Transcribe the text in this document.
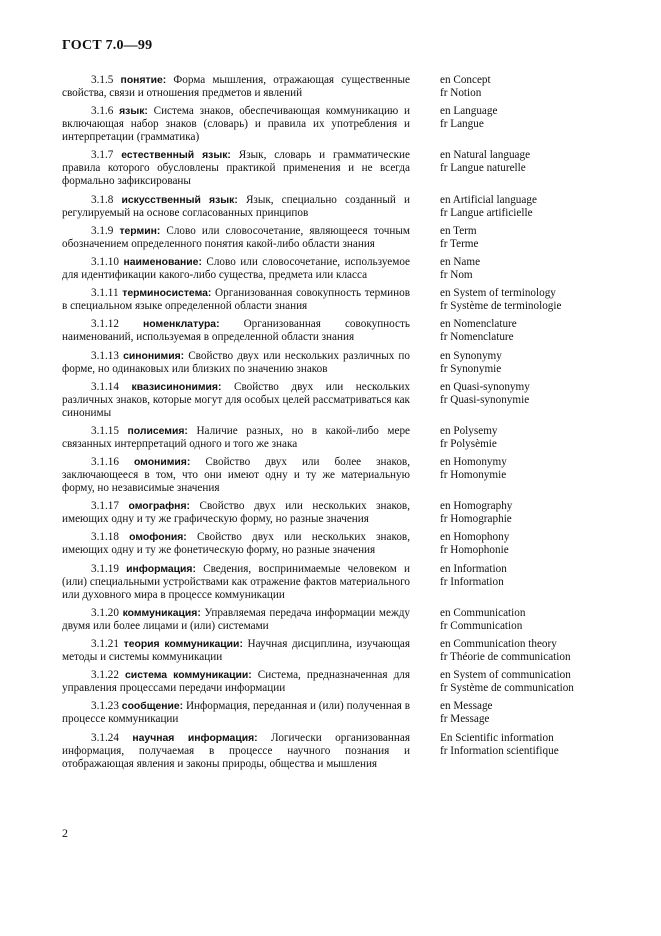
ГОСТ 7.0—99
3.1.5 понятие: Форма мышления, отражающая существенные свойства, связи и отношения предметов и явлений
en Concept
fr Notion
3.1.6 язык: Система знаков, обеспечивающая коммуникацию и включающая набор знаков (словарь) и правила их употребления и интерпретации (грамматика)
en Language
fr Langue
3.1.7 естественный язык: Язык, словарь и грамматические правила которого обусловлены практикой применения и не всегда формально зафиксированы
en Natural language
fr Langue naturelle
3.1.8 искусственный язык: Язык, специально созданный и регулируемый на основе согласованных принципов
en Artificial language
fr Langue artificielle
3.1.9 термин: Слово или словосочетание, являющееся точным обозначением определенного понятия какой-либо области знания
en Term
fr Terme
3.1.10 наименование: Слово или словосочетание, используемое для идентификации какого-либо существа, предмета или класса
en Name
fr Nom
3.1.11 терминосистема: Организованная совокупность терминов в специальном языке определенной области знания
en System of terminology
fr Système de terminologie
3.1.12 номенклатура: Организованная совокупность наименований, используемая в определенной области знания
en Nomenclature
fr Nomenclature
3.1.13 синонимия: Свойство двух или нескольких различных по форме, но одинаковых или близких по значению знаков
en Synonymy
fr Synonymie
3.1.14 квазисинонимия: Свойство двух или нескольких различных знаков, которые могут для особых целей рассматриваться как синонимы
en Quasi-synonymy
fr Quasi-synonymie
3.1.15 полисемия: Наличие разных, но в какой-либо мере связанных интерпретаций одного и того же знака
en Polysemy
fr Polysèmie
3.1.16 омонимия: Свойство двух или более знаков, заключающееся в том, что они имеют одну и ту же материальную форму, но независимые значения
en Homonymy
fr Homonymie
3.1.17 омографня: Свойство двух или нескольких знаков, имеющих одну и ту же графическую форму, но разные значения
en Homography
fr Homographie
3.1.18 омофония: Свойство двух или нескольких знаков, имеющих одну и ту же фонетическую форму, но разные значения
en Homophony
fr Homophonie
3.1.19 информация: Сведения, воспринимаемые человеком и (или) специальными устройствами как отражение фактов материального или духовного мира в процессе коммуникации
en Information
fr Information
3.1.20 коммуникация: Управляемая передача информации между двумя или более лицами и (или) системами
en Communication
fr Communication
3.1.21 теория коммуникации: Научная дисциплина, изучающая методы и системы коммуникации
en Communication theory
fr Théorie de communication
3.1.22 система коммуникации: Система, предназначенная для управления процессами передачи информации
en System of communication
fr Système de communication
3.1.23 сообщение: Информация, переданная и (или) полученная в процессе коммуникации
en Message
fr Message
3.1.24 научная информация: Логически организованная информация, получаемая в процессе научного познания и отображающая явления и законы природы, общества и мышления
En Scientific information
fr Information scientifique
2
